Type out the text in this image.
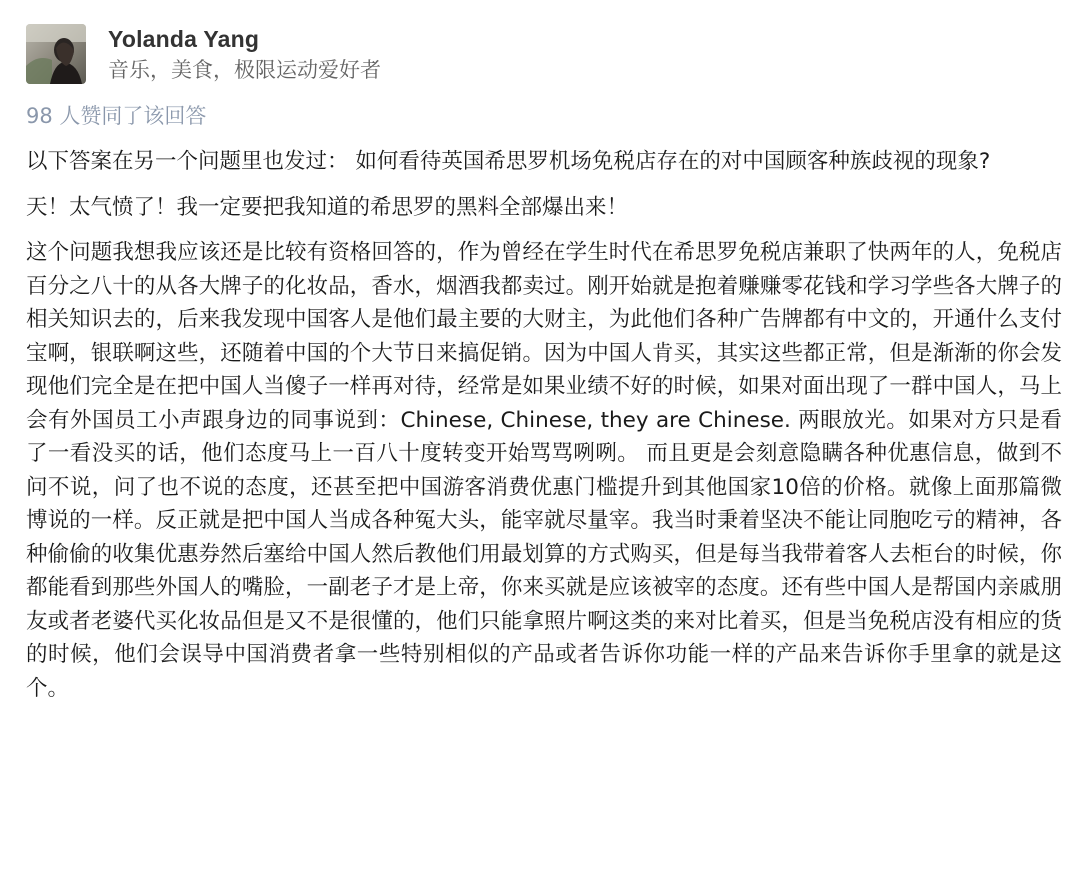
Yolanda Yang
音乐，美食，极限运动爱好者
98 人赞同了该回答

以下答案在另一个问题里也发过： 如何看待英国希思罗机场免税店存在的对中国顾客种族歧视的现象?

天！太气愤了！我一定要把我知道的希思罗的黑料全部爆出来！

这个问题我想我应该还是比较有资格回答的，作为曾经在学生时代在希思罗免税店兼职了快两年的人，免税店百分之八十的从各大牌子的化妆品，香水，烟酒我都卖过。刚开始就是抱着赚赚零花钱和学习学些各大牌子的相关知识去的，后来我发现中国客人是他们最主要的大财主，为此他们各种广告牌都有中文的，开通什么支付宝啊，银联啊这些，还随着中国的个大节日来搞促销。因为中国人肯买，其实这些都正常，但是渐渐的你会发现他们完全是在把中国人当傻子一样再对待，经常是如果业绩不好的时候，如果对面出现了一群中国人，马上会有外国员工小声跟身边的同事说到：Chinese, Chinese, they are Chinese. 两眼放光。如果对方只是看了一看没买的话，他们态度马上一百八十度转变开始骂骂咧咧。 而且更是会刻意隐瞒各种优惠信息，做到不问不说，问了也不说的态度，还甚至把中国游客消费优惠门槛提升到其他国家10倍的价格。就像上面那篇微博说的一样。反正就是把中国人当成各种冤大头，能宰就尽量宰。我当时秉着坚决不能让同胞吃亏的精神，各种偷偷的收集优惠券然后塞给中国人然后教他们用最划算的方式购买，但是每当我带着客人去柜台的时候，你都能看到那些外国人的嘴脸，一副老子才是上帝，你来买就是应该被宰的态度。还有些中国人是帮国内亲戚朋友或者老婆代买化妆品但是又不是很懂的，他们只能拿照片啊这类的来对比着买，但是当免税店没有相应的货的时候，他们会误导中国消费者拿一些特别相似的产品或者告诉你功能一样的产品来告诉你手里拿的就是这个。
